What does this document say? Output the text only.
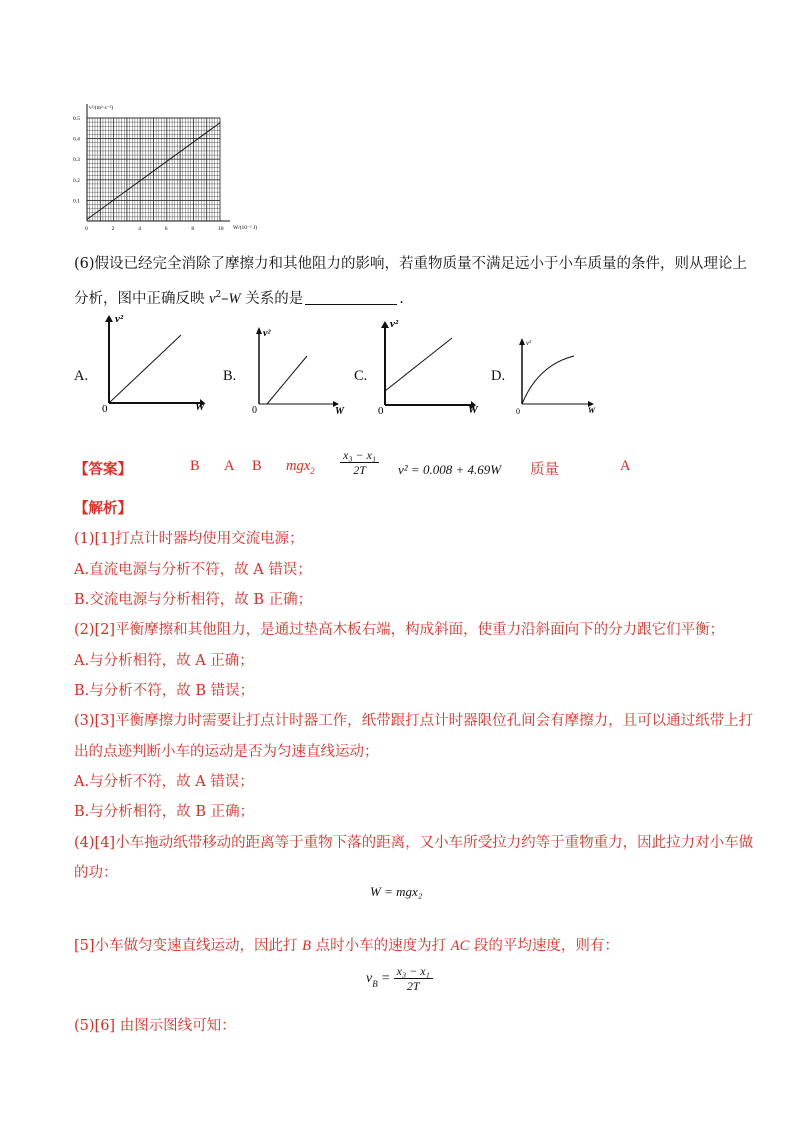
v²/(m²·s⁻²)
W/(10⁻² J)
0.5
0.4
0.3
0.2
0.1
0	2	4	6	8	10
(6)假设已经完全消除了摩擦力和其他阻力的影响，若重物质量不满足远小于小车质量的条件，则从理论上
分析，图中正确反映 $v^2-W$ 关系的是	.
A.
v²
0	W
B.
v²
0	W
C.
v²
0	W
D.
v²
0	W
【答案】	B A B $mgx_2 \frac{\text{x₃ − x₁}}{2T} v^2 = 0.008 + 4.69W$ 质量	A
【解析】
(1)[1]打点计时器均使用交流电源；
A.直流电源与分析不符，故 A 错误；
B.交流电源与分析相符，故 B 正确；
(2)[2]平衡摩擦和其他阻力，是通过垫高木板右端，构成斜面，使重力沿斜面向下的分力跟它们平衡；
A.与分析相符，故 A 正确；
B.与分析不符，故 B 错误；
(3)[3]平衡摩擦力时需要让打点计时器工作，纸带跟打点计时器限位孔间会有摩擦力，且可以通过纸带上打
出的点迹判断小车的运动是否为匀速直线运动；
A.与分析不符，故 A 错误；
B.与分析相符，故 B 正确；
(4)[4]小车拖动纸带移动的距离等于重物下落的距离，又小车所受拉力约等于重物重力，因此拉力对小车做
的功：
W = mgx₂
[5]小车做匀变速直线运动，因此打 B 点时小车的速度为打 AC 段的平均速度，则有：
$v_B = \frac{\text{x₃ − x₁}}{2T}$
(5)[6] 由图示图线可知：
